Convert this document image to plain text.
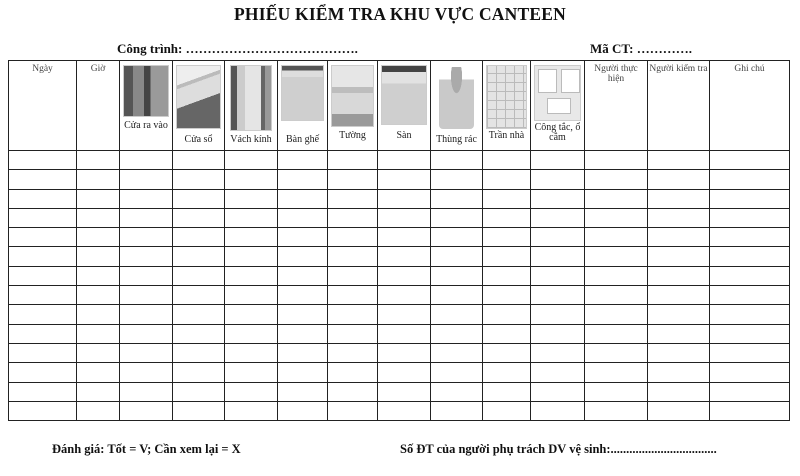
PHIẾU KIỂM TRA KHU VỰC CANTEEN
Công trình: ………………………………….	Mã CT: ………….
Ngày	Giờ	Cửa ra vào	Cửa sổ	Vách kính	Bàn ghế	Tường	Sàn	Thùng rác	Trần nhà	Công tắc, ổ cắm	Người thực hiện	Người kiểm tra	Ghi chú

Đánh giá: Tốt = V; Cần xem lại = X	Số ĐT của người phụ trách DV vệ sinh:..................................
